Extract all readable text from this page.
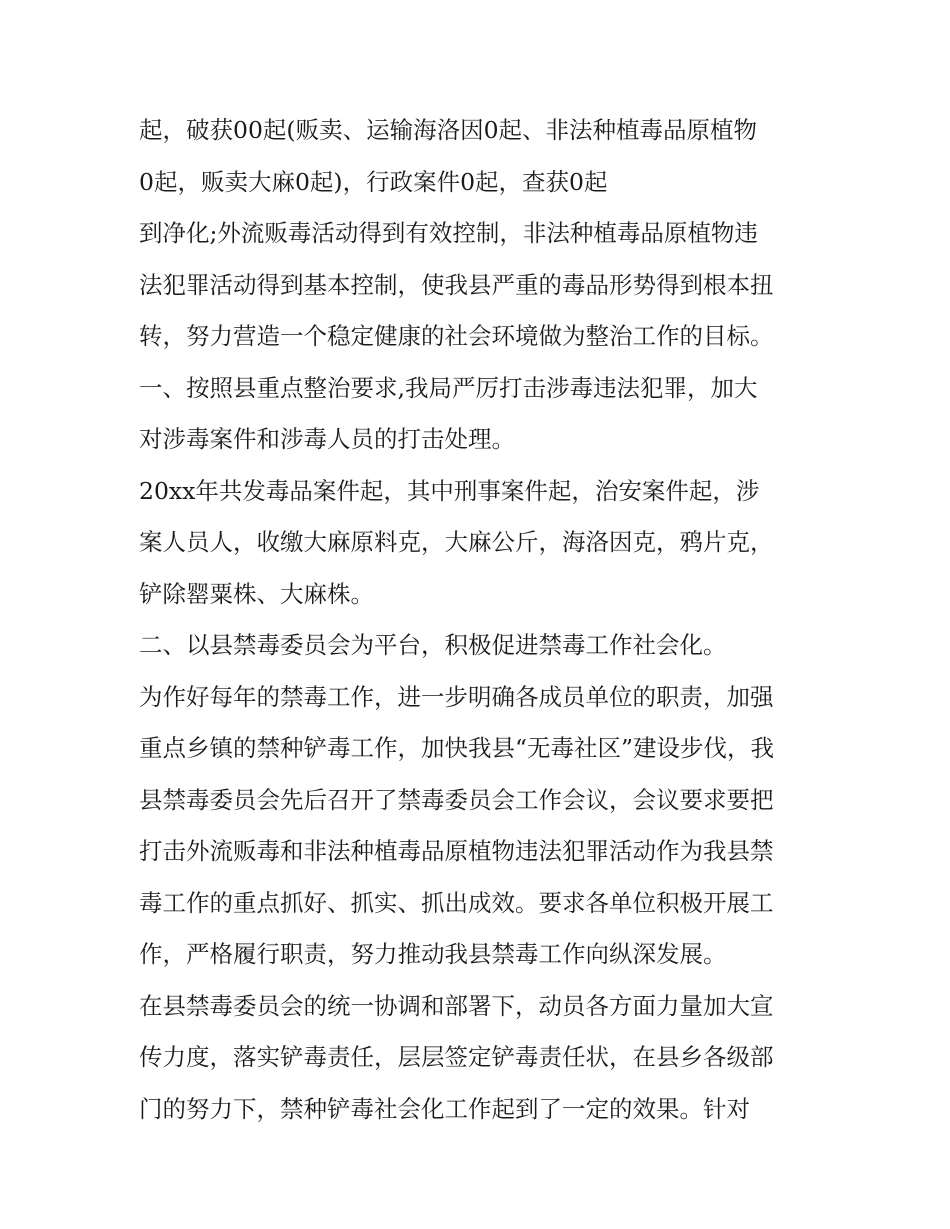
起，破获00起(贩卖、运输海洛因0起、非法种植毒品原植物
0起，贩卖大麻0起)，行政案件0起，查获0起
到净化;外流贩毒活动得到有效控制，非法种植毒品原植物违
法犯罪活动得到基本控制，使我县严重的毒品形势得到根本扭
转，努力营造一个稳定健康的社会环境做为整治工作的目标。
一、按照县重点整治要求,我局严厉打击涉毒违法犯罪，加大
对涉毒案件和涉毒人员的打击处理。
20xx年共发毒品案件起，其中刑事案件起，治安案件起，涉
案人员人，收缴大麻原料克，大麻公斤，海洛因克，鸦片克，
铲除罂粟株、大麻株。
二、以县禁毒委员会为平台，积极促进禁毒工作社会化。
为作好每年的禁毒工作，进一步明确各成员单位的职责，加强
重点乡镇的禁种铲毒工作，加快我县“无毒社区”建设步伐，我
县禁毒委员会先后召开了禁毒委员会工作会议，会议要求要把
打击外流贩毒和非法种植毒品原植物违法犯罪活动作为我县禁
毒工作的重点抓好、抓实、抓出成效。要求各单位积极开展工
作，严格履行职责，努力推动我县禁毒工作向纵深发展。
在县禁毒委员会的统一协调和部署下，动员各方面力量加大宣
传力度，落实铲毒责任，层层签定铲毒责任状，在县乡各级部
门的努力下，禁种铲毒社会化工作起到了一定的效果。针对
